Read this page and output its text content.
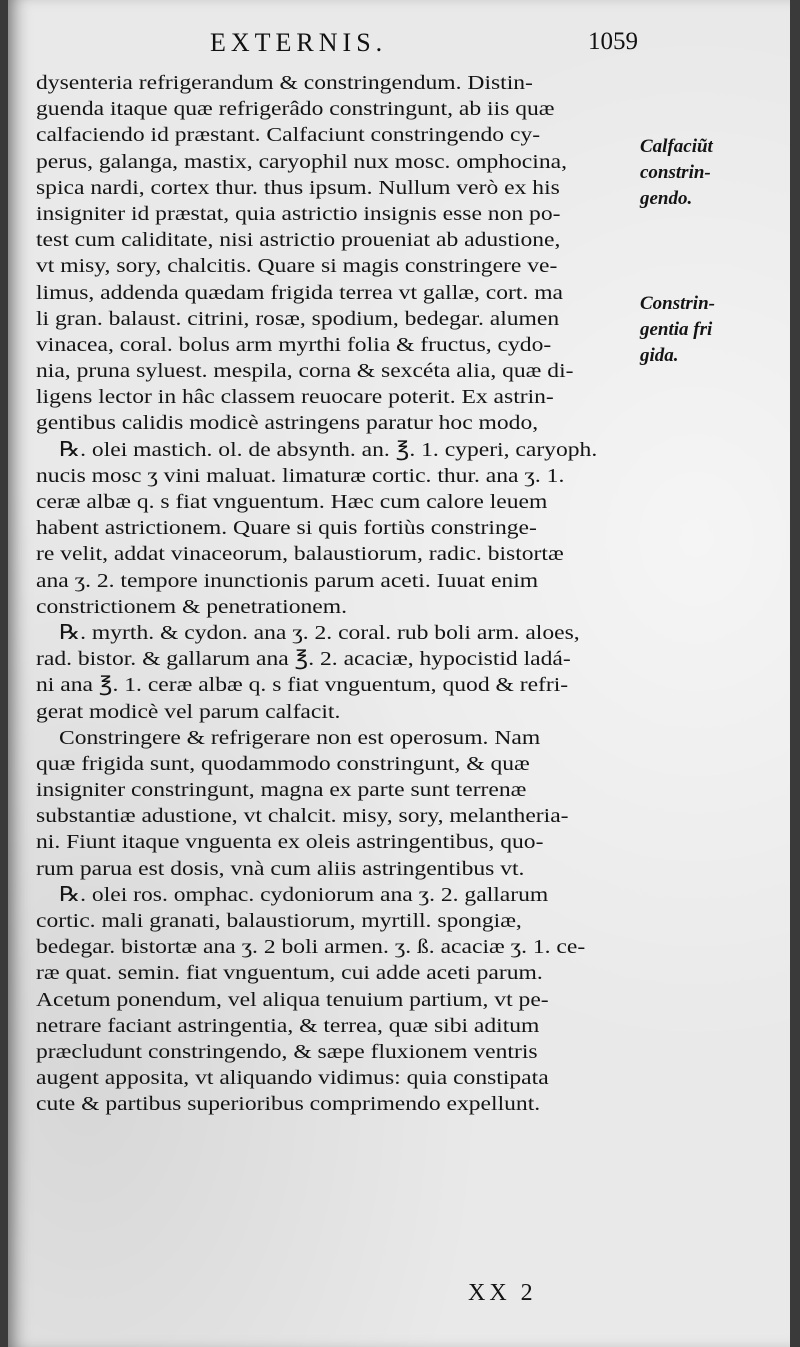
EXTERNIS.	1059
dysenteria refrigerandum & constringendum. Distin-
guenda itaque quæ refrigerâdo constringunt, ab iis quæ
calfaciendo id præstant. Calfaciunt constringendo cy-
perus, galanga, mastix, caryophil nux mosc. omphocina,
spica nardi, cortex thur. thus ipsum. Nullum verò ex his
insigniter id præstat, quia astrictio insignis esse non po-
test cum caliditate, nisi astrictio proueniat ab adustione,
vt misy, sory, chalcitis. Quare si magis constringere ve-
limus, addenda quædam frigida terrea vt gallæ, cort. ma
li gran. balaust. citrini, rosæ, spodium, bedegar. alumen
vinacea, coral. bolus arm myrthi folia & fructus, cydo-
nia, pruna syluest. mespila, corna & sexcéta alia, quæ di-
ligens lector in hâc classem reuocare poterit. Ex astrin-
gentibus calidis modicè astringens paratur hoc modo,
℞. olei mastich. ol. de absynth. an. ℥. 1. cyperi, caryoph.
nucis mosc ʒ vini maluat. limaturæ cortic. thur. ana ʒ. 1.
ceræ albæ q. s fiat vnguentum. Hæc cum calore leuem
habent astrictionem. Quare si quis fortiùs constringe-
re velit, addat vinaceorum, balaustiorum, radic. bistortæ
ana ʒ. 2. tempore inunctionis parum aceti. Iuuat enim
constrictionem & penetrationem.
℞. myrth. & cydon. ana ʒ. 2. coral. rub boli arm. aloes,
rad. bistor. & gallarum ana ℥. 2. acaciæ, hypocistid ladá-
ni ana ℥. 1. ceræ albæ q. s fiat vnguentum, quod & refri-
gerat modicè vel parum calfacit.
Constringere & refrigerare non est operosum. Nam
quæ frigida sunt, quodammodo constringunt, & quæ
insigniter constringunt, magna ex parte sunt terrenæ
substantiæ adustione, vt chalcit. misy, sory, melantheria-
ni. Fiunt itaque vnguenta ex oleis astringentibus, quo-
rum parua est dosis, vnà cum aliis astringentibus vt.
℞. olei ros. omphac. cydoniorum ana ʒ. 2. gallarum
cortic. mali granati, balaustiorum, myrtill. spongiæ,
bedegar. bistortæ ana ʒ. 2 boli armen. ʒ. ß. acaciæ ʒ. 1. ce-
ræ quat. semin. fiat vnguentum, cui adde aceti parum.
Acetum ponendum, vel aliqua tenuium partium, vt pe-
netrare faciant astringentia, & terrea, quæ sibi aditum
præcludunt constringendo, & sæpe fluxionem ventris
augent apposita, vt aliquando vidimus: quia constipata
cute & partibus superioribus comprimendo expellunt.
Calfaciũt
constrin-
gendo.
Constrin-
gentia fri
gida.
XX 2
